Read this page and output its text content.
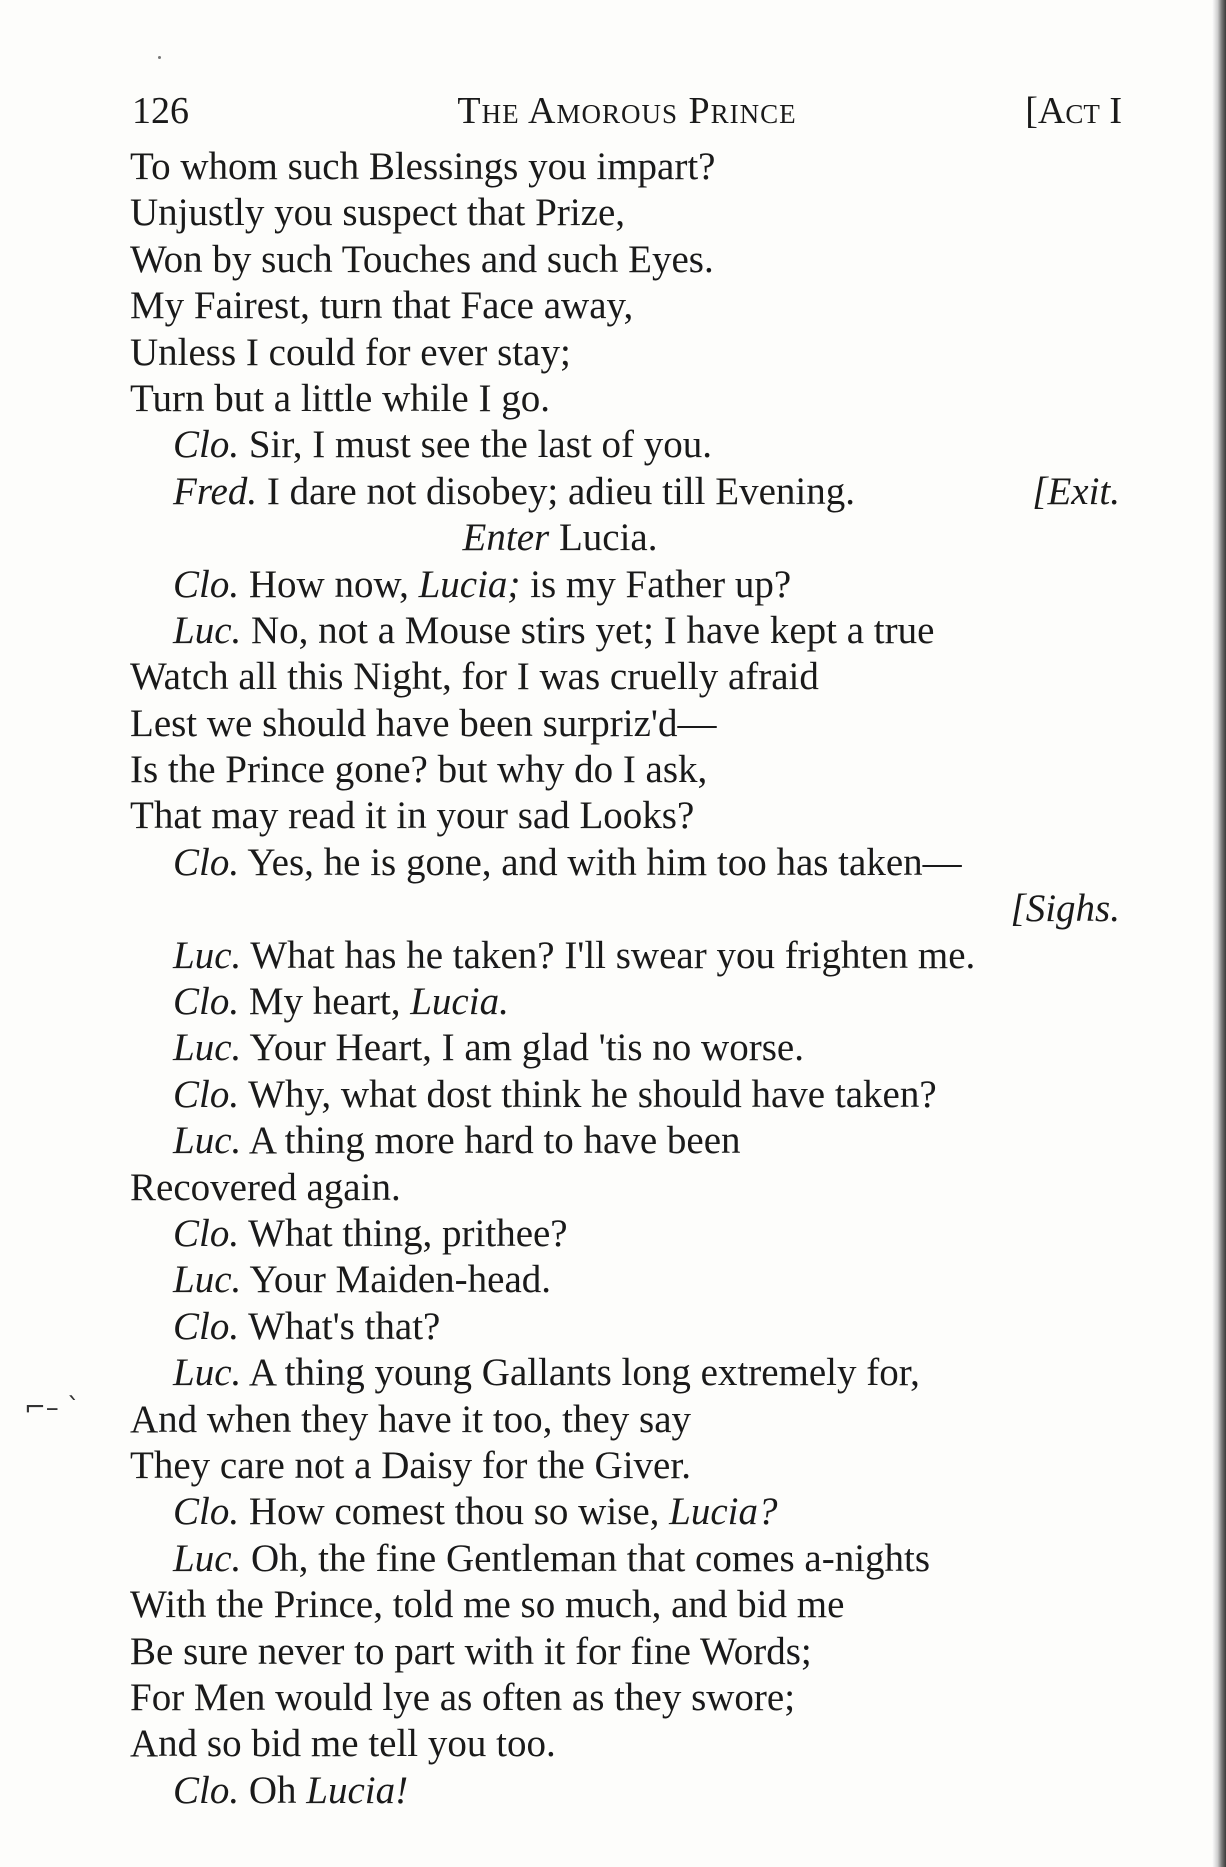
126	The Amorous Prince	[Act I
To whom such Blessings you impart?
Unjustly you suspect that Prize,
Won by such Touches and such Eyes.
My Fairest, turn that Face away,
Unless I could for ever stay;
Turn but a little while I go.
Clo. Sir, I must see the last of you.
Fred. I dare not disobey; adieu till Evening.	[Exit.
Enter Lucia.
Clo. How now, Lucia; is my Father up?
Luc. No, not a Mouse stirs yet; I have kept a true
Watch all this Night, for I was cruelly afraid
Lest we should have been surpriz'd—
Is the Prince gone? but why do I ask,
That may read it in your sad Looks?
Clo. Yes, he is gone, and with him too has taken—
[Sighs.
Luc. What has he taken? I'll swear you frighten me.
Clo. My heart, Lucia.
Luc. Your Heart, I am glad 'tis no worse.
Clo. Why, what dost think he should have taken?
Luc. A thing more hard to have been
Recovered again.
Clo. What thing, prithee?
Luc. Your Maiden-head.
Clo. What's that?
Luc. A thing young Gallants long extremely for,
And when they have it too, they say
They care not a Daisy for the Giver.
Clo. How comest thou so wise, Lucia?
Luc. Oh, the fine Gentleman that comes a-nights
With the Prince, told me so much, and bid me
Be sure never to part with it for fine Words;
For Men would lye as often as they swore;
And so bid me tell you too.
Clo. Oh Lucia!
⌐– ˋ
